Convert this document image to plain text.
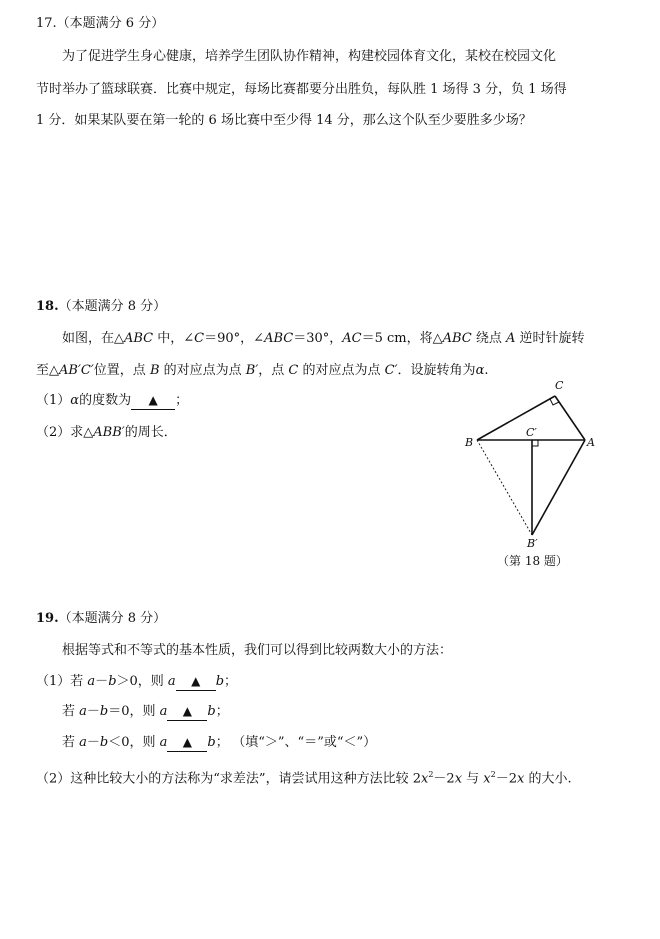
17.（本题满分 6 分）
为了促进学生身心健康，培养学生团队协作精神，构建校园体育文化，某校在校园文化
节时举办了篮球联赛．比赛中规定，每场比赛都要分出胜负，每队胜 1 场得 3 分，负 1 场得
1 分．如果某队要在第一轮的 6 场比赛中至少得 14 分，那么这个队至少要胜多少场？
18.（本题满分 8 分）
如图，在△ABC 中，∠C＝90°，∠ABC＝30°，AC＝5 cm，将△ABC 绕点 A 逆时针旋转
至△AB′C′位置，点 B 的对应点为点 B′，点 C 的对应点为点 C′．设旋转角为α.
（1）α的度数为 ▲ ；
（2）求△ABB′的周长．
C
C′
B	A
B′
（第 18 题）
19.（本题满分 8 分）
根据等式和不等式的基本性质，我们可以得到比较两数大小的方法：
（1）若 a－b＞0，则 a ▲ b；
若 a－b＝0，则 a ▲ b；
若 a－b＜0，则 a ▲ b； （填“＞”、“＝”或“＜”）
（2）这种比较大小的方法称为“求差法”，请尝试用这种方法比较 $2x^2-2x$ 与 $x^2-2x$ 的大小.
